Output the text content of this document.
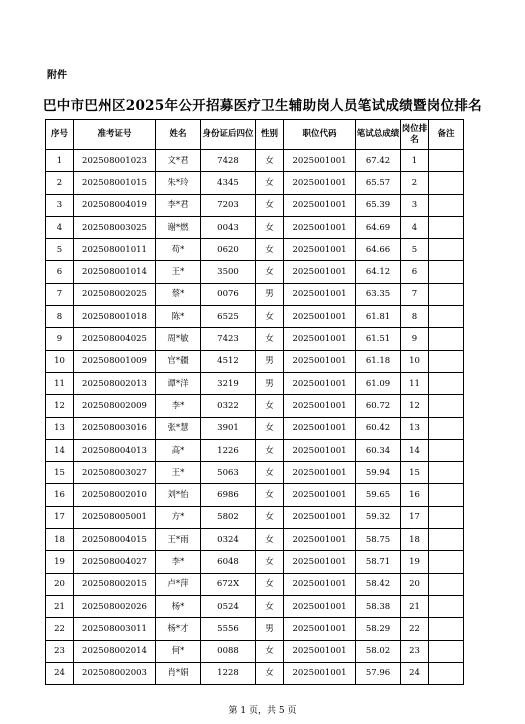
附件
巴中市巴州区2025年公开招募医疗卫生辅助岗人员笔试成绩暨岗位排名
序号	准考证号	姓名	身份证后四位	性别	职位代码	笔试总成绩	岗位排名	备注
1	202508001023	文*君	7428	女	2025001001	67.42	1	
2	202508001015	朱*玲	4345	女	2025001001	65.57	2	
3	202508004019	李*君	7203	女	2025001001	65.39	3	
4	202508003025	谢*燃	0043	女	2025001001	64.69	4	
5	202508001011	苟*	0620	女	2025001001	64.66	5	
6	202508001014	王*	3500	女	2025001001	64.12	6	
7	202508002025	蔡*	0076	男	2025001001	63.35	7	
8	202508001018	陈*	6525	女	2025001001	61.81	8	
9	202508004025	周*敏	7423	女	2025001001	61.51	9	
10	202508001009	官*疆	4512	男	2025001001	61.18	10	
11	202508002013	谭*洋	3219	男	2025001001	61.09	11	
12	202508002009	李*	0322	女	2025001001	60.72	12	
13	202508003016	张*慧	3901	女	2025001001	60.42	13	
14	202508004013	高*	1226	女	2025001001	60.34	14	
15	202508003027	王*	5063	女	2025001001	59.94	15	
16	202508002010	刘*怡	6986	女	2025001001	59.65	16	
17	202508005001	方*	5802	女	2025001001	59.32	17	
18	202508004015	王*雨	0324	女	2025001001	58.75	18	
19	202508004027	李*	6048	女	2025001001	58.71	19	
20	202508002015	卢*萍	672X	女	2025001001	58.42	20	
21	202508002026	杨*	0524	女	2025001001	58.38	21	
22	202508003011	杨*才	5556	男	2025001001	58.29	22	
23	202508002014	何*	0088	女	2025001001	58.02	23	
24	202508002003	肖*娟	1228	女	2025001001	57.96	24	
第 1 页，共 5 页
